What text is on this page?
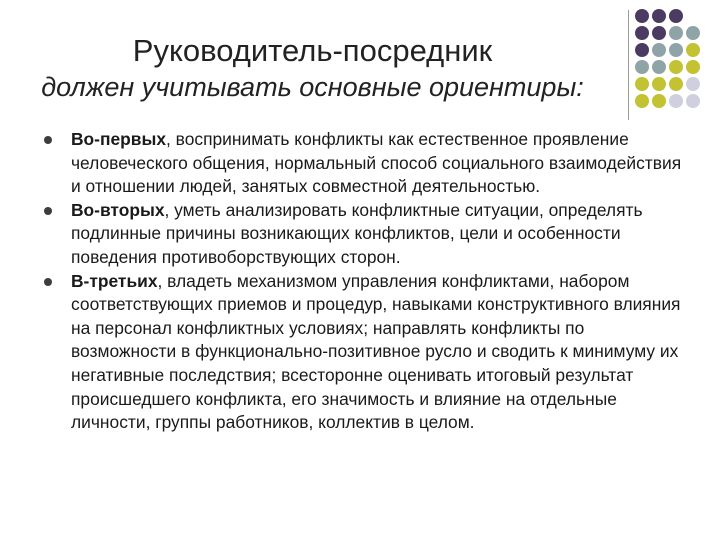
Руководитель-посредник
должен учитывать основные ориентиры:

Во-первых, воспринимать конфликты как естественное проявление человеческого общения, нормальный способ социального взаимодействия и отношении людей, занятых совместной деятельностью.

Во-вторых, уметь анализировать конфликтные ситуации, определять подлинные причины возникающих конфликтов, цели и особенности поведения противоборствующих сторон.

В-третьих, владеть механизмом управления конфликтами, набором соответствующих приемов и процедур, навыками конструктивного влияния на персонал конфликтных условиях; направлять конфликты по возможности в функционально-позитивное русло и сводить к минимуму их негативные последствия; всесторонне оценивать итоговый результат происшедшего конфликта, его значимость и влияние на отдельные личности, группы работников, коллектив в целом.
